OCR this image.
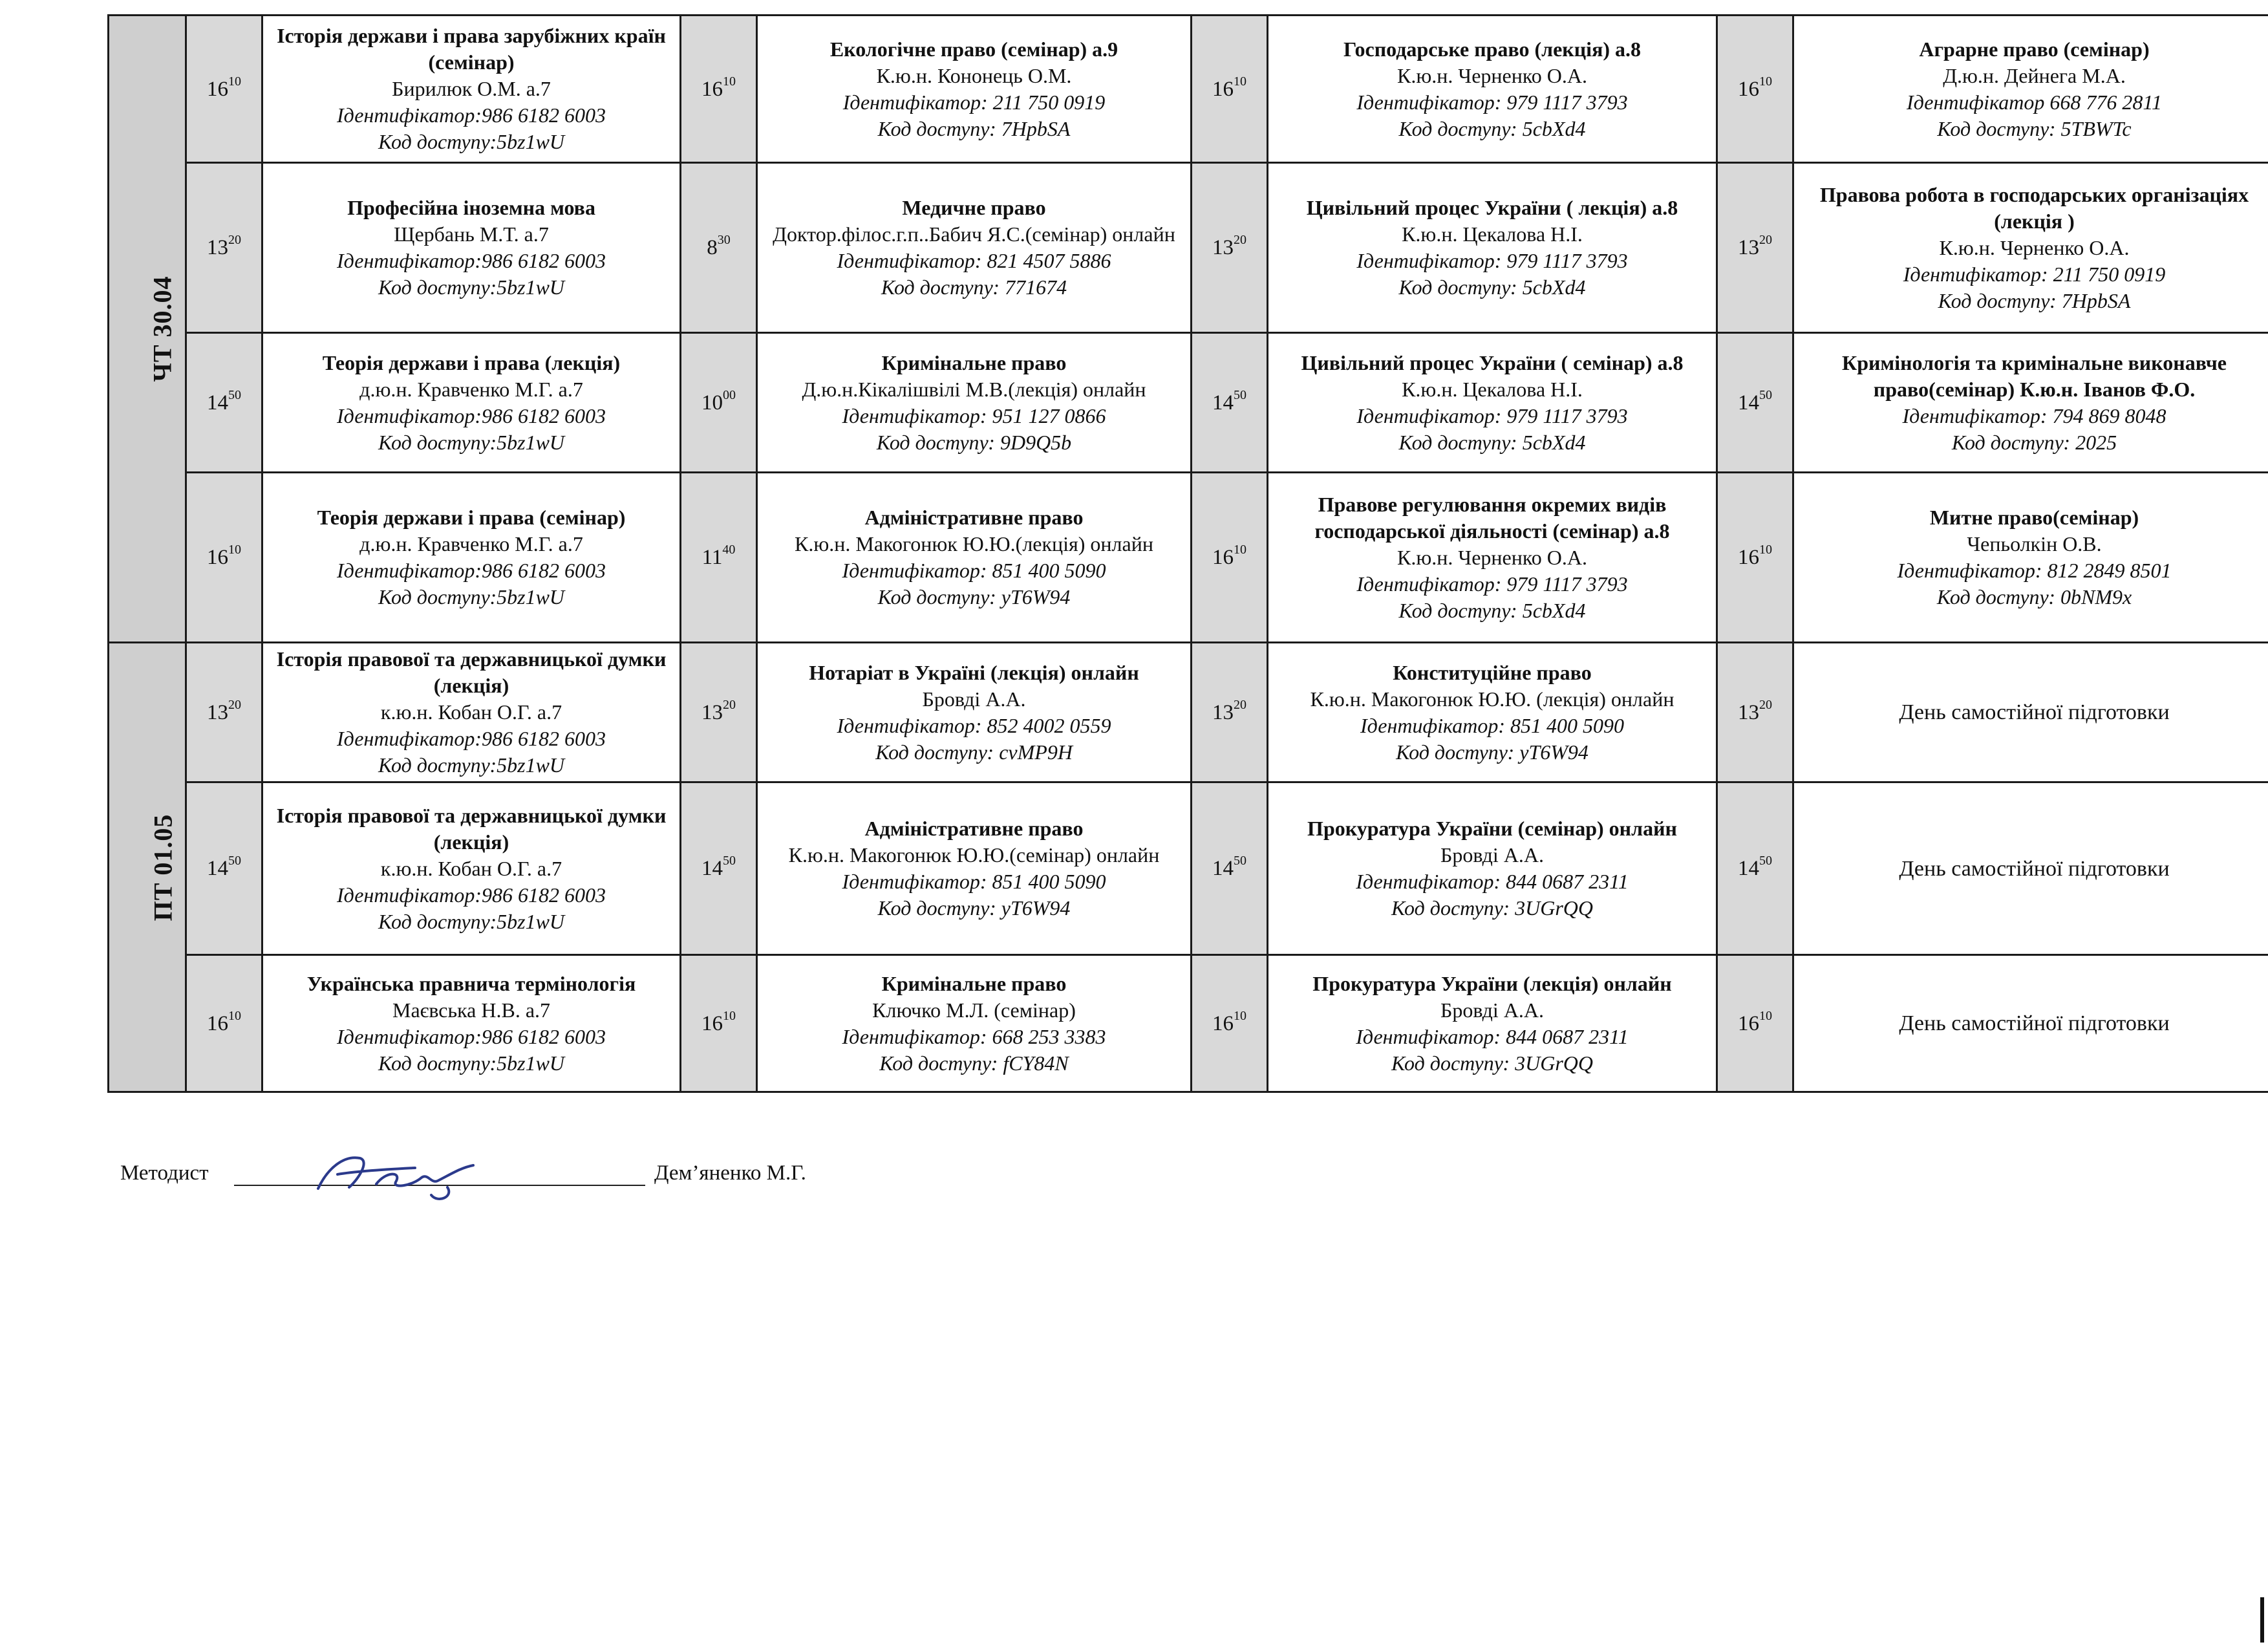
ЧТ 30.04	$16^{10}$	Історія держави і права зарубіжних країн (семінар)
Бирилюк О.М. а.7
Ідентифікатор:986 6182 6003
Код доступу:5bz1wU	$16^{10}$	Екологічне право (семінар) а.9
К.ю.н. Кононець О.М.
Ідентифікатор: 211 750 0919
Код доступу: 7HpbSA	$16^{10}$	Господарське право (лекція) а.8
К.ю.н. Черненко О.А.
Ідентифікатор: 979 1117 3793
Код доступу: 5cbXd4	$16^{10}$	Аграрне право (семінар)
Д.ю.н. Дейнега М.А.
Ідентифікатор 668 776 2811
Код доступу: 5TBWTc

	$13^{20}$	Професійна іноземна мова
Щербань М.Т. а.7
Ідентифікатор:986 6182 6003
Код доступу:5bz1wU	$8^{30}$	Медичне право
Доктор.філос.г.п..Бабич Я.С.(семінар) онлайн
Ідентифікатор: 821 4507 5886
Код доступу: 771674	$13^{20}$	Цивільний процес України ( лекція) а.8
К.ю.н. Цекалова Н.І.
Ідентифікатор: 979 1117 3793
Код доступу: 5cbXd4	$13^{20}$	Правова робота в господарських організаціях (лекція )
К.ю.н. Черненко О.А.
Ідентифікатор: 211 750 0919
Код доступу: 7HpbSA

	$14^{50}$	Теорія держави і права (лекція)
д.ю.н. Кравченко М.Г. а.7
Ідентифікатор:986 6182 6003
Код доступу:5bz1wU	$10^{00}$	Кримінальне право
Д.ю.н.Кікалішвілі М.В.(лекція) онлайн
Ідентифікатор: 951 127 0866
Код доступу: 9D9Q5b	$14^{50}$	Цивільний процес України ( семінар) а.8
К.ю.н. Цекалова Н.І.
Ідентифікатор: 979 1117 3793
Код доступу: 5cbXd4	$14^{50}$	Кримінологія та кримінальне виконавче право(семінар) К.ю.н. Іванов Ф.О.
Ідентифікатор: 794 869 8048
Код доступу: 2025

	$16^{10}$	Теорія держави і права (семінар)
д.ю.н. Кравченко М.Г. а.7
Ідентифікатор:986 6182 6003
Код доступу:5bz1wU	$11^{40}$	Адміністративне право
К.ю.н. Макогонюк Ю.Ю.(лекція) онлайн
Ідентифікатор: 851 400 5090
Код доступу: yT6W94	$16^{10}$	Правове регулювання окремих видів господарської діяльності (семінар) а.8
К.ю.н. Черненко О.А.
Ідентифікатор: 979 1117 3793
Код доступу: 5cbXd4	$16^{10}$	Митне право(семінар)
Чепьолкін О.В.
Ідентифікатор: 812 2849 8501
Код доступу: 0bNM9x

ПТ 01.05	$13^{20}$	Історія правової та державницької думки (лекція)
к.ю.н. Кобан О.Г. а.7
Ідентифікатор:986 6182 6003
Код доступу:5bz1wU	$13^{20}$	Нотаріат в Україні (лекція) онлайн
Бровді А.А.
Ідентифікатор: 852 4002 0559
Код доступу: cvMP9H	$13^{20}$	Конституційне право
К.ю.н. Макогонюк Ю.Ю. (лекція) онлайн
Ідентифікатор: 851 400 5090
Код доступу: yT6W94	$13^{20}$	День самостійної підготовки

	$14^{50}$	Історія правової та державницької думки (лекція)
к.ю.н. Кобан О.Г. а.7
Ідентифікатор:986 6182 6003
Код доступу:5bz1wU	$14^{50}$	Адміністративне право
К.ю.н. Макогонюк Ю.Ю.(семінар) онлайн
Ідентифікатор: 851 400 5090
Код доступу: yT6W94	$14^{50}$	Прокуратура України (семінар) онлайн
Бровді А.А.
Ідентифікатор: 844 0687 2311
Код доступу: 3UGrQQ	$14^{50}$	День самостійної підготовки

	$16^{10}$	Українська правнича термінологія
Маєвська Н.В. а.7
Ідентифікатор:986 6182 6003
Код доступу:5bz1wU	$16^{10}$	Кримінальне право
Ключко М.Л. (семінар)
Ідентифікатор: 668 253 3383
Код доступу: fCY84N	$16^{10}$	Прокуратура України (лекція) онлайн
Бровді А.А.
Ідентифікатор: 844 0687 2311
Код доступу: 3UGrQQ	$16^{10}$	День самостійної підготовки
Методист	Дем’яненко М.Г.
